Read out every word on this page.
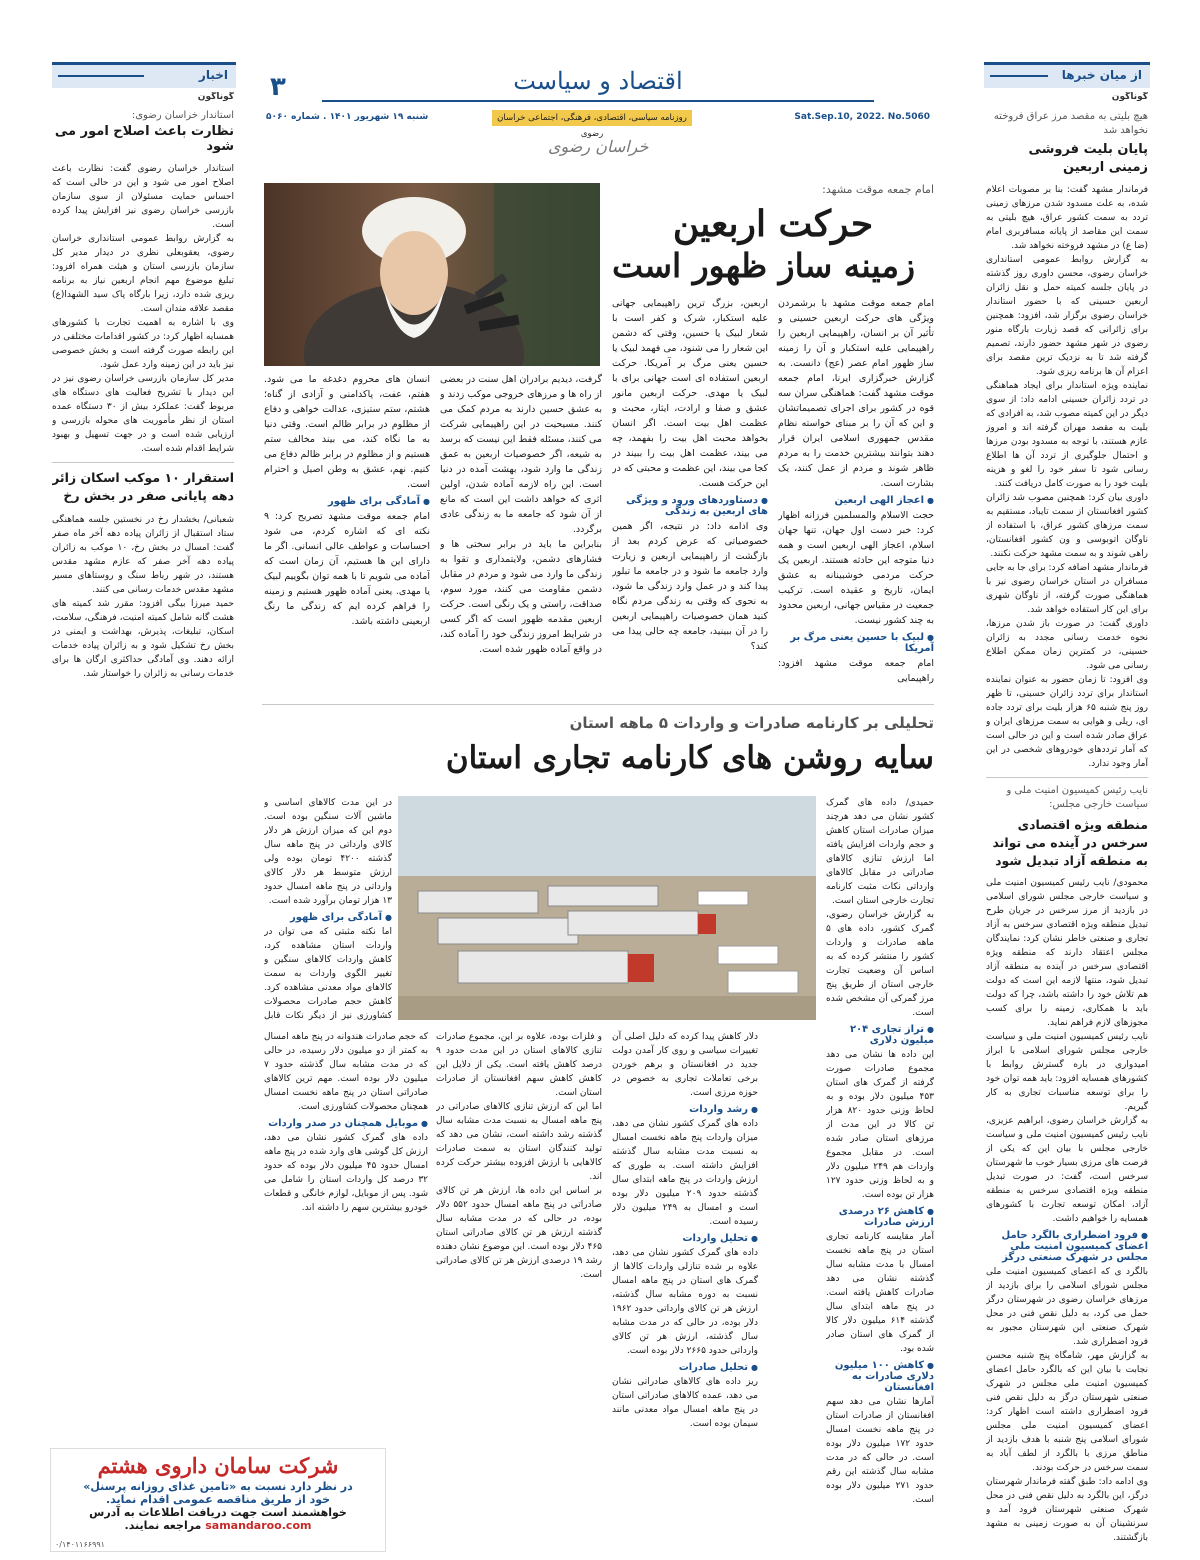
از میان خبرها
گوناگون
هیچ بلیتی به مقصد مرز عراق فروخته نخواهد شد
پایان بلیت فروشی زمینی اربعین

فرماندار مشهد گفت: بنا بر مصوبات اعلام شده، به علت مسدود شدن مرزهای زمینی تردد به سمت کشور عراق، هیچ بلیتی به سمت این مقاصد از پایانه مسافربری امام (ضا ع) در مشهد فروخته نخواهد شد.

به گزارش روابط عمومی استانداری خراسان رضوی، محسن داوری روز گذشته در پایان جلسه کمیته حمل و نقل زائران اربعین حسینی که با حضور استاندار خراسان رضوی برگزار شد، افزود: همچنین برای زائرانی که قصد زیارت بارگاه منور رضوی در شهر مشهد حضور دارند، تصمیم گرفته شد تا به نزدیک ترین مقصد برای اعزام آن ها برنامه ریزی شود.

نماینده ویژه استاندار برای ایجاد هماهنگی در تردد زائران حسینی ادامه داد: از سوی دیگر در این کمیته مصوب شد، به افرادی که بلیت به مقصد مهران گرفته اند و امروز عازم هستند، با توجه به مسدود بودن مرزها و احتمال جلوگیری از تردد آن ها اطلاع رسانی شود تا سفر خود را لغو و هزینه بلیت خود را به صورت کامل دریافت کنند.

داوری بیان کرد: همچنین مصوب شد زائران کشور افغانستان از سمت تایباد، مستقیم به سمت مرزهای کشور عراق، با استفاده از ناوگان اتوبوسی و ون کشور افغانستان، راهی شوند و به سمت مشهد حرکت نکنند.

فرماندار مشهد اضافه کرد: برای جا به جایی مسافران در استان خراسان رضوی نیز با هماهنگی صورت گرفته، از ناوگان شهری برای این کار استفاده خواهد شد.

داوری گفت: در صورت باز شدن مرزها، نحوه خدمت رسانی مجدد به زائران حسینی، در کمترین زمان ممکن اطلاع رسانی می شود.

وی افزود: تا زمان حضور به عنوان نماینده استاندار برای تردد زائران حسینی، تا ظهر روز پنج شنبه ۶۵ هزار بلیت برای تردد جاده ای، ریلی و هوایی به سمت مرزهای ایران و عراق صادر شده است و این در حالی است که آمار ترددهای خودروهای شخصی در این آمار وجود ندارد.

نایب رئیس کمیسیون امنیت ملی و سیاست خارجی مجلس:
منطقه ویژه اقتصادی سرخس در آینده می تواند به منطقه آزاد تبدیل شود

محمودی/ نایب رئیس کمیسیون امنیت ملی و سیاست خارجی مجلس شورای اسلامی در بازدید از مرز سرخس در جریان طرح تبدیل منطقه ویژه اقتصادی سرخس به آزاد تجاری و صنعتی خاطر نشان کرد: نمایندگان مجلس اعتقاد دارند که منطقه ویژه اقتصادی سرخس در آینده به منطقه آزاد تبدیل شود، منتها لازمه این است که دولت هم تلاش خود را داشته باشد، چرا که دولت باید با همکاری، زمینه را برای کسب مجوزهای لازم فراهم نماید.

نایب رئیس کمیسیون امنیت ملی و سیاست خارجی مجلس شورای اسلامی با ابراز امیدواری در باره گسترش روابط با کشورهای همسایه افزود: باید همه توان خود را برای توسعه مناسبات تجاری به کار گیریم.

به گزارش خراسان رضوی، ابراهیم عزیزی، نایب رئیس کمیسیون امنیت ملی و سیاست خارجی مجلس با بیان این که یکی از فرصت های مرزی بسیار خوب ما شهرستان سرخس است، گفت: در صورت تبدیل منطقه ویژه اقتصادی سرخس به منطقه آزاد، امکان توسعه تجارت با کشورهای همسایه را خواهیم داشت.

● فرود اضطراری بالگرد حامل اعضای کمیسیون امنیت ملی مجلس در شهرک صنعتی درگز

بالگرد ی که اعضای کمیسیون امنیت ملی مجلس شورای اسلامی را برای بازدید از مرزهای خراسان رضوی در شهرستان درگز حمل می کرد، به دلیل نقص فنی در محل شهرک صنعتی این شهرستان مجبور به فرود اضطراری شد.

به گزارش مهر، شامگاه پنج شنبه محسن نجابت با بیان این که بالگرد حامل اعضای کمیسیون امنیت ملی مجلس در شهرک صنعتی شهرستان درگز به دلیل نقص فنی فرود اضطراری داشته است اظهار کرد: اعضای کمیسیون امنیت ملی مجلس شورای اسلامی پنج شنبه با هدف بازدید از مناطق مرزی با بالگرد از لطف آباد به سمت سرخس در حرکت بودند.

وی ادامه داد: طبق گفته فرماندار شهرستان درگز، این بالگرد به دلیل نقص فنی در محل شهرک صنعتی شهرستان فرود آمد و سرنشینان آن به صورت زمینی به مشهد بازگشتند.

اخبار
گوناگون
استاندار خراسان رضوی:
نظارت باعث اصلاح امور می شود

استاندار خراسان رضوی گفت: نظارت باعث اصلاح امور می شود و این در حالی است که احساس حمایت مسئولان از سوی سازمان بازرسی خراسان رضوی نیز افزایش پیدا کرده است.

به گزارش روابط عمومی استانداری خراسان رضوی، یعقوبعلی نظری در دیدار مدیر کل سازمان بازرسی استان و هیئت همراه افزود: تبلیغ موضوع مهم انجام اربعین نیاز به برنامه ریزی شده دارد، زیرا بارگاه پاک سید الشهدا(ع) مقصد علاقه مندان است.

وی با اشاره به اهمیت تجارت با کشورهای همسایه اظهار کرد: در کشور اقدامات مختلفی در این رابطه صورت گرفته است و بخش خصوصی نیز باید در این زمینه وارد عمل شود.

مدیر کل سازمان بازرسی خراسان رضوی نیز در این دیدار با تشریح فعالیت های دستگاه های مربوط گفت: عملکرد بیش از ۳۰ دستگاه عمده استان از نظر مأموریت های محوله بازرسی و ارزیابی شده است و در جهت تسهیل و بهبود شرایط اقدام شده است.

استقرار ۱۰ موکب اسکان زائر دهه پایانی صفر در بخش رخ

شعبانی/ بخشدار رخ در نخستین جلسه هماهنگی ستاد استقبال از زائران پیاده دهه آخر ماه صفر گفت: امسال در بخش رخ، ۱۰ موکب به زائران پیاده دهه آخر صفر که عازم مشهد مقدس هستند، در شهر رباط سنگ و روستاهای مسیر مشهد مقدس خدمات رسانی می کنند.

حمید میرزا بیگی افزود: مقرر شد کمیته های هشت گانه شامل کمیته امنیت، فرهنگی، سلامت، اسکان، تبلیغات، پذیرش، بهداشت و ایمنی در بخش رخ تشکیل شود و به زائران پیاده خدمات ارائه دهند. وی آمادگی حداکثری ارگان ها برای خدمات رسانی به زائران را خواستار شد.

اقتصاد و سیاست
۳
Sat.Sep.10, 2022. No.5060
روزنامه سیاسی، اقتصادی، فرهنگی، اجتماعی خراسان رضوی
شنبه ۱۹ شهریور ۱۴۰۱ . شماره ۵۰۶۰
خراسان رضوی
امام جمعه موقت مشهد:
حرکت اربعین
زمینه ساز ظهور است

امام جمعه موقت مشهد با برشمردن ویژگی های حرکت اربعین حسینی و تأثیر آن بر انسان، راهپیمایی اربعین را راهپیمایی علیه استکبار و آن را زمینه ساز ظهور امام عصر (عج) دانست. به گزارش خبرگزاری ایرنا، امام جمعه موقت مشهد گفت: هماهنگی سران سه قوه در کشور برای اجرای تصمیماتشان و این که آن را بر مبنای خواسته نظام مقدس جمهوری اسلامی ایران قرار دهند بتوانند بیشترین خدمت را به مردم ظاهر شوند و مردم از عمل کنند، یک بشارت است.

● اعجاز الهی اربعین

حجت الاسلام والمسلمین فرزانه اظهار کرد: خبر دست اول جهان، تنها جهان اسلام، اعجاز الهی اربعین است و همه دنیا متوجه این حادثه هستند. اربعین یک حرکت مردمی خوشبینانه به عشق ایمان، تاریخ و عقیده است. ترکیب جمعیت در مقیاس جهانی، اربعین محدود به چند کشور نیست.

● لبیک با حسین یعنی مرگ بر آمریکا

امام جمعه موقت مشهد افزود: راهپیمایی

اربعین، بزرگ ترین راهپیمایی جهانی علیه استکبار، شرک و کفر است با شعار لبیک یا حسین، وقتی که دشمن این شعار را می شنود، می فهمد لبیک یا حسین یعنی مرگ بر آمریکا. حرکت اربعین استفاده ای است جهانی برای با لبیک یا مهدی. حرکت اربعین مانور عشق و صفا و ارادت، ایثار، محبت و عظمت اهل بیت است. اگر انسان بخواهد محبت اهل بیت را بفهمد، چه می بیند، عظمت اهل بیت را ببیند در کجا می بیند، این عظمت و محبتی که در این حرکت هست.

● دستاوردهای ورود و ویژگی های اربعین به زندگی

وی ادامه داد: در نتیجه، اگر همین خصوصیاتی که عرض کردم بعد از بازگشت از راهپیمایی اربعین و زیارت وارد جامعه ما شود و در جامعه ما تبلور پیدا کند و در عمل وارد زندگی ما شود، به نحوی که وقتی به زندگی مردم نگاه کنید همان خصوصیات راهپیمایی اربعین را در آن ببینید، جامعه چه حالی پیدا می کند؟

گرفت، دیدیم برادران اهل سنت در بعضی از راه ها و مرزهای خروجی موکب زدند و به عشق حسین دارند به مردم کمک می کنند. مسیحیت در این راهپیمایی شرکت می کنند، مسئله فقط این نیست که برسد به شیعه، اگر خصوصیات اربعین به عمق زندگی ما وارد شود، بهشت آمده در دنیا است. این راه لازمه آماده شدن، اولین اثری که خواهد داشت این است که مانع از آن شود که جامعه ما به زندگی عادی برگردد.

بنابراین ما باید در برابر سختی ها و فشارهای دشمن، ولایتمداری و تقوا به زندگی ما وارد می شود و مردم در مقابل دشمن مقاومت می کنند، مورد سوم، صداقت، راستی و یک رنگی است. حرکت اربعین مقدمه ظهور است که اگر کسی در شرایط امروز زندگی خود را آماده کند، در واقع آماده ظهور شده است.

انسان های محروم دغدغه ما می شود. هفتم، عفت، پاکدامنی و آزادی از گناه؛ هشتم، ستم ستیزی، عدالت خواهی و دفاع از مظلوم در برابر ظالم است. وقتی دنیا به ما نگاه کند، می بیند مخالف ستم هستیم و از مظلوم در برابر ظالم دفاع می کنیم. نهم، عشق به وطن اصیل و احترام است.

● آمادگی برای ظهور

امام جمعه موقت مشهد تصریح کرد: ۹ نکته ای که اشاره کردم، می شود احساسات و عواطف عالی انسانی. اگر ما دارای این ها هستیم، آن زمان است که آماده می شویم تا با همه توان بگوییم لبیک یا مهدی. یعنی آماده ظهور هستیم و زمینه را فراهم کرده ایم که زندگی ما رنگ اربعینی داشته باشد.

تحلیلی بر کارنامه صادرات و واردات ۵ ماهه استان
سایه روشن های کارنامه تجاری استان

حمیدی/ داده های گمرک کشور نشان می دهد هرچند میزان صادرات استان کاهش و حجم واردات افزایش یافته اما ارزش تنازی کالاهای صادراتی در مقابل کالاهای وارداتی نکات مثبت کارنامه تجارت خارجی استان است.

به گزارش خراسان رضوی، گمرک کشور، داده های ۵ ماهه صادرات و واردات کشور را منتشر کرده که به اساس آن وضعیت تجارت خارجی استان از طریق پنج مرز گمرکی آن مشخص شده است.

● تراز تجاری ۲۰۴ میلیون دلاری

این داده ها نشان می دهد مجموع صادرات صورت گرفته از گمرک های استان ۴۵۳ میلیون دلار بوده و به لحاظ وزنی حدود ۸۲۰ هزار تن کالا در این مدت از مرزهای استان صادر شده است. در مقابل مجموع واردات هم ۲۴۹ میلیون دلار و به لحاظ وزنی حدود ۱۲۷ هزار تن بوده است.

● کاهش ۲۶ درصدی ارزش صادرات

آمار مقایسه کارنامه تجاری استان در پنج ماهه نخست امسال با مدت مشابه سال گذشته نشان می دهد صادرات کاهش یافته است. در پنج ماهه ابتدای سال گذشته ۶۱۴ میلیون دلار کالا از گمرک های استان صادر شده بود.

● کاهش ۱۰۰ میلیون دلاری صادرات به افغانستان

آمارها نشان می دهد سهم افغانستان از صادرات استان در پنج ماهه نخست امسال حدود ۱۷۲ میلیون دلار بوده است. در حالی که در مدت مشابه سال گذشته این رقم حدود ۲۷۱ میلیون دلار بوده است.

دلار کاهش پیدا کرده که دلیل اصلی آن تغییرات سیاسی و روی کار آمدن دولت جدید در افغانستان و برهم خوردن برخی تعاملات تجاری به خصوص در حوزه مرزی است.

● رشد واردات

داده های گمرک کشور نشان می دهد، میزان واردات پنج ماهه نخست امسال به نسبت مدت مشابه سال گذشته افزایش داشته است. به طوری که ارزش واردات در پنج ماهه ابتدای سال گذشته حدود ۲۰۹ میلیون دلار بوده است و امسال به ۲۴۹ میلیون دلار رسیده است.

● تحلیل واردات

داده های گمرک کشور نشان می دهد، علاوه بر شده تنازلی واردات کالاها از گمرک های استان در پنج ماهه امسال نسبت به دوره مشابه سال گذشته، ارزش هر تن کالای وارداتی حدود ۱۹۶۲ دلار بوده، در حالی که در مدت مشابه سال گذشته، ارزش هر تن کالای وارداتی حدود ۲۶۶۵ دلار بوده است.

● تحلیل صادرات

ریز داده های کالاهای صادراتی نشان می دهد، عمده کالاهای صادراتی استان در پنج ماهه امسال مواد معدنی مانند سیمان بوده است.

و فلزات بوده، علاوه بر این، مجموع صادرات تنازی کالاهای استان در این مدت حدود ۹ درصد کاهش یافته است. یکی از دلایل این کاهش کاهش سهم افغانستان از صادرات استان است.

اما این که ارزش تنازی کالاهای صادراتی در پنج ماهه امسال به نسبت مدت مشابه سال گذشته رشد داشته است، نشان می دهد که تولید کنندگان استان به سمت صادرات کالاهایی با ارزش افزوده بیشتر حرکت کرده اند.

بر اساس این داده ها، ارزش هر تن کالای صادراتی در پنج ماهه امسال حدود ۵۵۲ دلار بوده، در حالی که در مدت مشابه سال گذشته ارزش هر تن کالای صادراتی استان ۴۶۵ دلار بوده است. این موضوع نشان دهنده رشد ۱۹ درصدی ارزش هر تن کالای صادراتی است.

که حجم صادرات هندوانه در پنج ماهه امسال به کمتر از دو میلیون دلار رسیده، در حالی که در مدت مشابه سال گذشته حدود ۷ میلیون دلار بوده است. مهم ترین کالاهای صادراتی استان در پنج ماهه نخست امسال همچنان محصولات کشاورزی است.

● موبایل همچنان در صدر واردات

داده های گمرک کشور نشان می دهد، ارزش کل گوشی های وارد شده در پنج ماهه امسال حدود ۴۵ میلیون دلار بوده که حدود ۳۲ درصد کل واردات استان را شامل می شود. پس از موبایل، لوازم خانگی و قطعات خودرو بیشترین سهم را داشته اند.

در این مدت کالاهای اساسی و ماشین آلات سنگین بوده است. دوم این که میزان ارزش هر دلار کالای وارداتی در پنج ماهه سال گذشته ۴۲۰۰ تومان بوده ولی ارزش متوسط هر دلار کالای وارداتی در پنج ماهه امسال حدود ۱۳ هزار تومان برآورد شده است.

● آمادگی برای ظهور

اما نکته مثبتی که می توان در واردات استان مشاهده کرد، کاهش واردات کالاهای سنگین و تغییر الگوی واردات به سمت کالاهای مواد معدنی مشاهده کرد. کاهش حجم صادرات محصولات کشاورزی نیز از دیگر نکات قابل

شرکت سامان داروی هشتم
در نظر دارد نسبت به «تامین غذای روزانه پرسنل»
خود از طریق مناقصه عمومی اقدام نماید.
خواهشمند است جهت دریافت اطلاعات به آدرس
samandaroo.com مراجعه نمایند.
۰/۱۴۰۱۱۶۶۹۹۱
